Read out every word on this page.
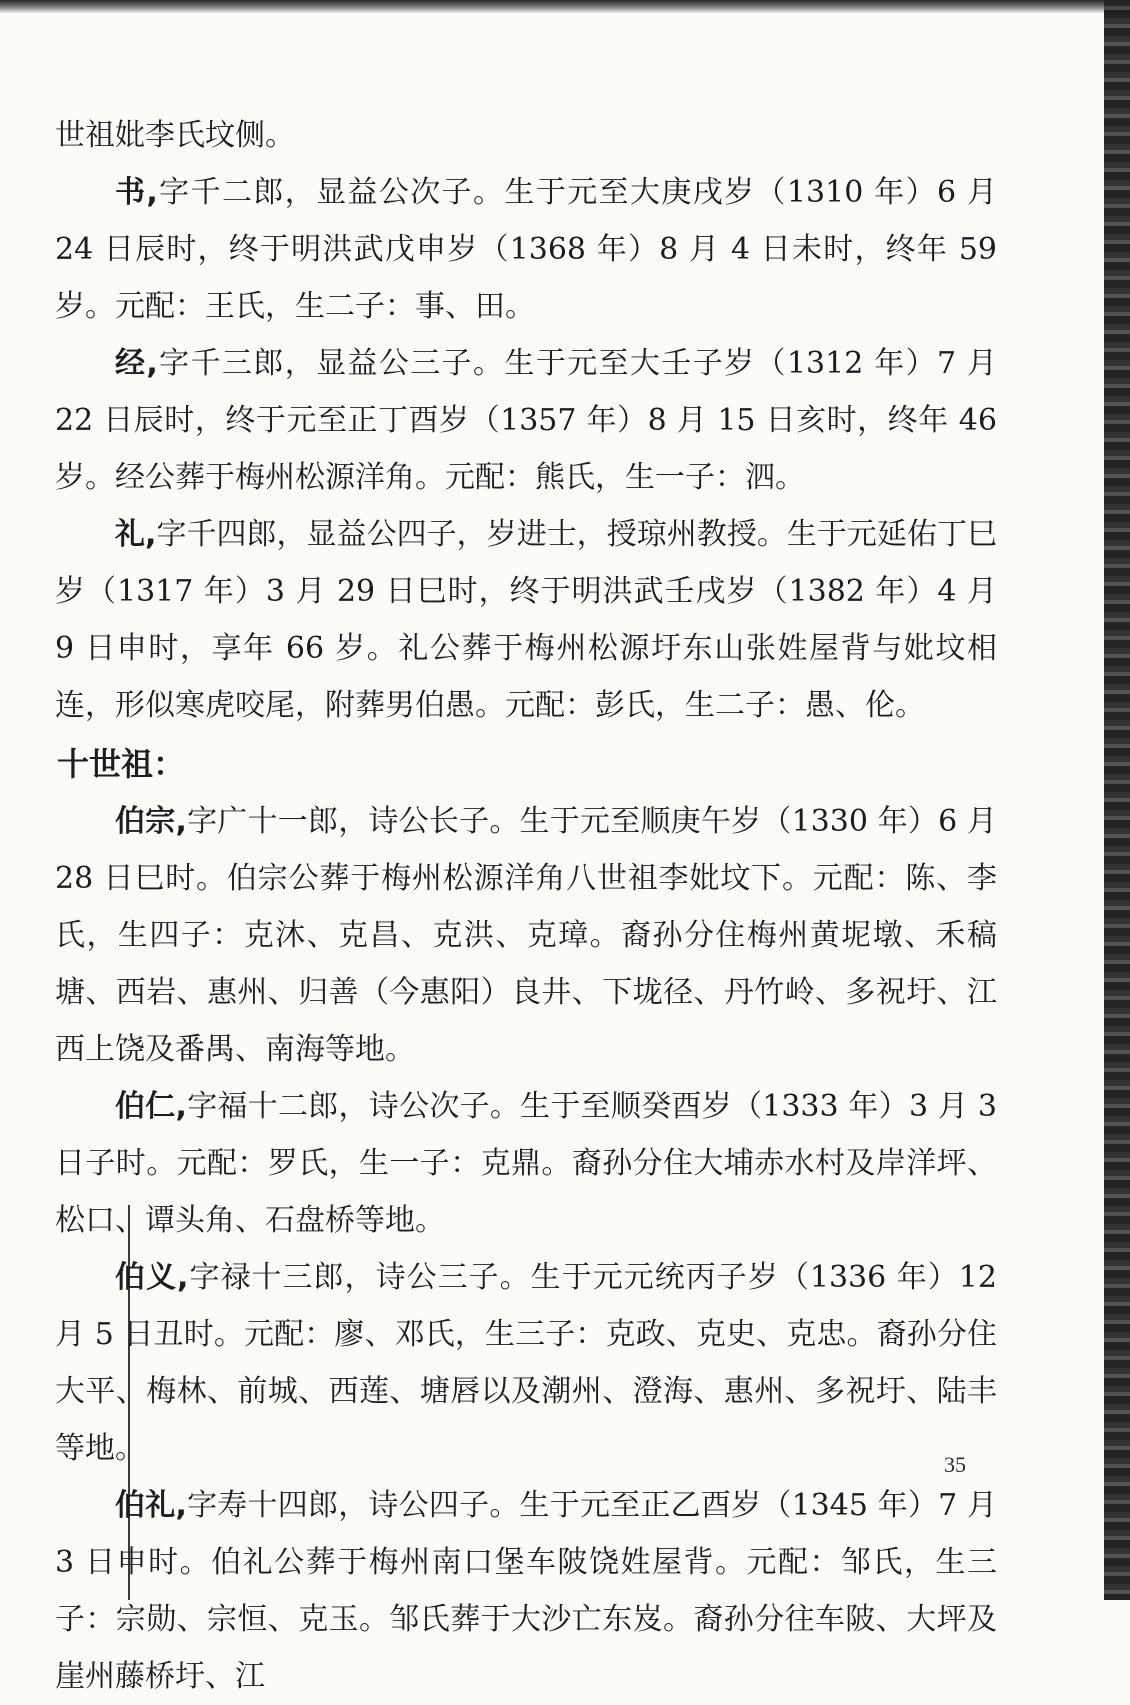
世祖妣李氏坟侧。

书,字千二郎，显益公次子。生于元至大庚戌岁（1310 年）6 月 24 日辰时，终于明洪武戊申岁（1368 年）8 月 4 日未时，终年 59 岁。元配：王氏，生二子：事、田。

经,字千三郎，显益公三子。生于元至大壬子岁（1312 年）7 月 22 日辰时，终于元至正丁酉岁（1357 年）8 月 15 日亥时，终年 46 岁。经公葬于梅州松源洋角。元配：熊氏，生一子：泗。

礼,字千四郎，显益公四子，岁进士，授琼州教授。生于元延佑丁巳岁（1317 年）3 月 29 日巳时，终于明洪武壬戌岁（1382 年）4 月 9 日申时，享年 66 岁。礼公葬于梅州松源圩东山张姓屋背与妣坟相连，形似寒虎咬尾，附葬男伯愚。元配：彭氏，生二子：愚、伦。

十世祖：

伯宗,字广十一郎，诗公长子。生于元至顺庚午岁（1330 年）6 月 28 日巳时。伯宗公葬于梅州松源洋角八世祖李妣坟下。元配：陈、李氏，生四子：克沐、克昌、克洪、克璋。裔孙分住梅州黄坭墩、禾稿塘、西岩、惠州、归善（今惠阳）良井、下垅径、丹竹岭、多祝圩、江西上饶及番禺、南海等地。

伯仁,字福十二郎，诗公次子。生于至顺癸酉岁（1333 年）3 月 3 日子时。元配：罗氏，生一子：克鼎。裔孙分住大埔赤水村及岸洋坪、松口、谭头角、石盘桥等地。

伯义,字禄十三郎，诗公三子。生于元元统丙子岁（1336 年）12 月 5 日丑时。元配：廖、邓氏，生三子：克政、克史、克忠。裔孙分住大平、梅林、前城、西莲、塘唇以及潮州、澄海、惠州、多祝圩、陆丰等地。

伯礼,字寿十四郎，诗公四子。生于元至正乙酉岁（1345 年）7 月 3 日申时。伯礼公葬于梅州南口堡车陂饶姓屋背。元配：邹氏，生三子：宗勋、宗恒、克玉。邹氏葬于大沙亡东岌。裔孙分往车陂、大坪及崖州藤桥圩、江

35
